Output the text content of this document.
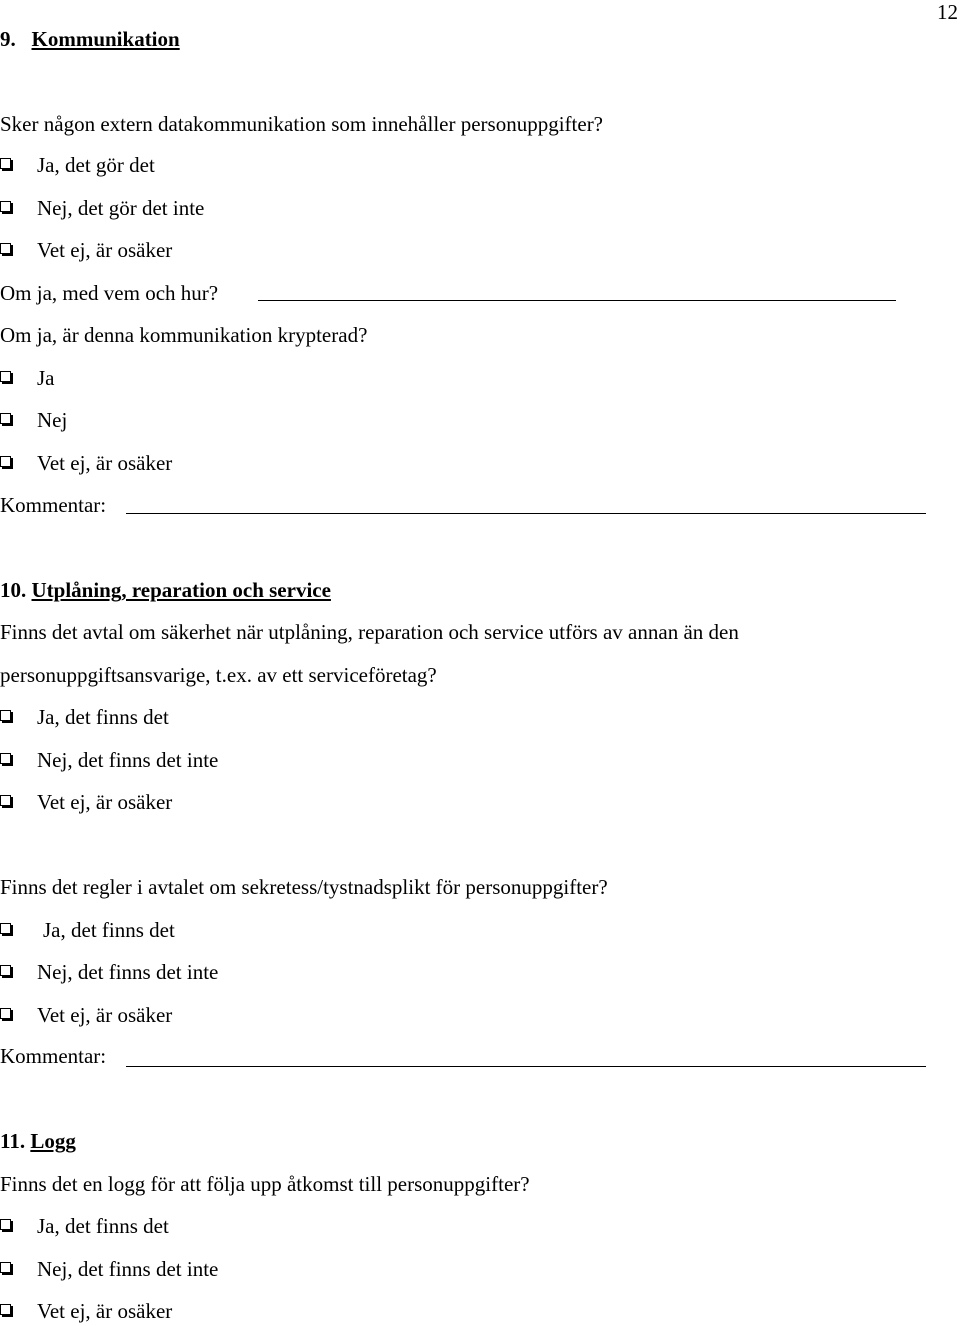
12
9. Kommunikation
Sker någon extern datakommunikation som innehåller personuppgifter?
Ja, det gör det
Nej, det gör det inte
Vet ej, är osäker
Om ja, med vem och hur?
Om ja, är denna kommunikation krypterad?
Ja
Nej
Vet ej, är osäker
Kommentar:
10. Utplåning, reparation och service
Finns det avtal om säkerhet när utplåning, reparation och service utförs av annan än den
personuppgiftsansvarige, t.ex. av ett serviceföretag?
Ja, det finns det
Nej, det finns det inte
Vet ej, är osäker
Finns det regler i avtalet om sekretess/tystnadsplikt för personuppgifter?
Ja, det finns det
Nej, det finns det inte
Vet ej, är osäker
Kommentar:
11. Logg
Finns det en logg för att följa upp åtkomst till personuppgifter?
Ja, det finns det
Nej, det finns det inte
Vet ej, är osäker
